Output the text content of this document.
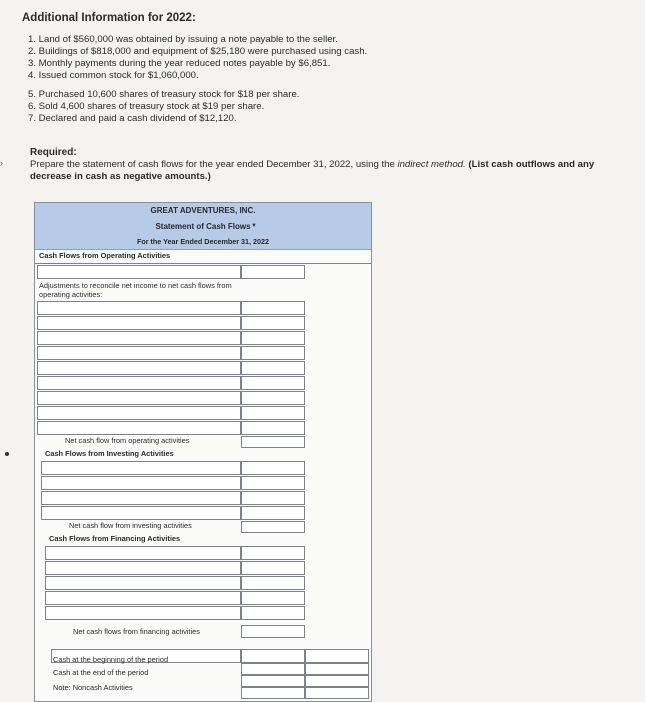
Additional Information for 2022:
1. Land of $560,000 was obtained by issuing a note payable to the seller.
2. Buildings of $818,000 and equipment of $25,180 were purchased using cash.
3. Monthly payments during the year reduced notes payable by $6,851.
4. Issued common stock for $1,060,000.
5. Purchased 10,600 shares of treasury stock for $18 per share.
6. Sold 4,600 shares of treasury stock at $19 per share.
7. Declared and paid a cash dividend of $12,120.
Required:
Prepare the statement of cash flows for the year ended December 31, 2022, using the indirect method. (List cash outflows and any
decrease in cash as negative amounts.)
›
GREAT ADVENTURES, INC.
Statement of Cash Flows
For the Year Ended December 31, 2022
▼
Cash Flows from Operating Activities
Adjustments to reconcile net income to net cash flows from operating activities:
Net cash flow from operating activities
Cash Flows from Investing Activities
Net cash flow from investing activities
Cash Flows from Financing Activities
Net cash flows from financing activities
Cash at the beginning of the period
Cash at the end of the period
Note: Noncash Activities
